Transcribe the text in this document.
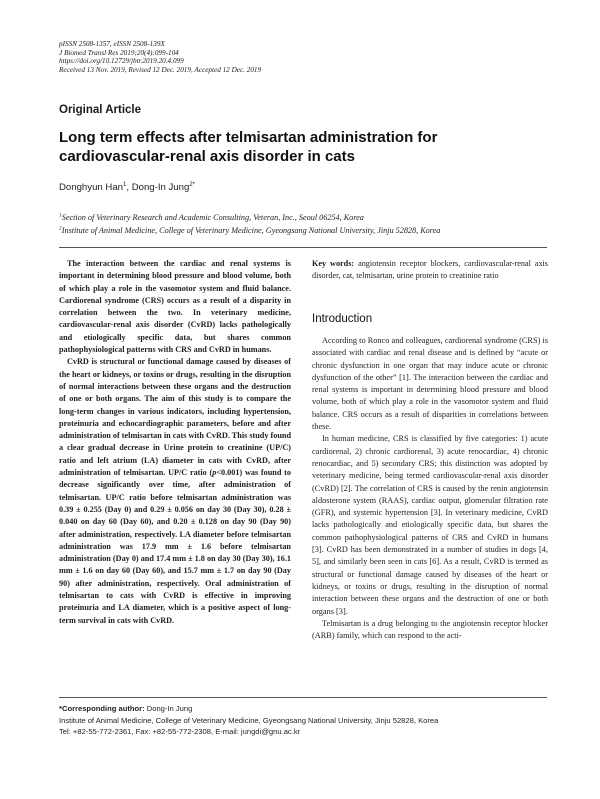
pISSN 2508-1357, eISSN 2508-139X
J Biomed Transl Res 2019;20(4):099-104
https://doi.org/10.12729/jbtr.2019.20.4.099
Received 13 Nov. 2019, Revised 12 Dec. 2019, Accepted 12 Dec. 2019
Original Article
Long term effects after telmisartan administration for cardiovascular-renal axis disorder in cats
Donghyun Han$^1$, Dong-In Jung$^{2*}$
$^1$Section of Veterinary Research and Academic Consulting, Veteran, Inc., Seoul 06254, Korea
$^2$Institute of Animal Medicine, College of Veterinary Medicine, Gyeongsang National University, Jinju 52828, Korea

The interaction between the cardiac and renal systems is important in determining blood pressure and blood volume, both of which play a role in the vasomotor system and fluid balance. Cardiorenal syndrome (CRS) occurs as a result of a disparity in correlation between the two. In veterinary medicine, cardiovascular-renal axis disorder (CvRD) lacks pathologically and etiologically specific data, but shares common pathophysiological patterns with CRS and CvRD in humans.

CvRD is structural or functional damage caused by diseases of the heart or kidneys, or toxins or drugs, resulting in the disruption of normal interactions between these organs and the destruction of one or both organs. The aim of this study is to compare the long-term changes in various indicators, including hypertension, proteinuria and echocardiographic parameters, before and after administration of telmisartan in cats with CvRD. This study found a clear gradual decrease in Urine protein to creatinine (UP/C) ratio and left atrium (LA) diameter in cats with CvRD, after administration of telmisartan. UP/C ratio (p<0.001) was found to decrease significantly over time, after administration of telmisartan. UP/C ratio before telmisartan administration was 0.39 ± 0.255 (Day 0) and 0.29 ± 0.056 on day 30 (Day 30), 0.28 ± 0.040 on day 60 (Day 60), and 0.20 ± 0.128 on day 90 (Day 90) after administration, respectively. LA diameter before telmisartan administration was 17.9 mm ± 1.6 before telmisartan administration (Day 0) and 17.4 mm ± 1.8 on day 30 (Day 30), 16.1 mm ± 1.6 on day 60 (Day 60), and 15.7 mm ± 1.7 on day 90 (Day 90) after administration, respectively. Oral administration of telmisartan to cats with CvRD is effective in improving proteinuria and LA diameter, which is a positive aspect of long-term survival in cats with CvRD.

Key words: angiotensin receptor blockers, cardiovascular-renal axis disorder, cat, telmisartan, urine protein to creatinine ratio
Introduction

According to Ronco and colleagues, cardiorenal syndrome (CRS) is associated with cardiac and renal disease and is defined by “acute or chronic dysfunction in one organ that may induce acute or chronic dysfunction of the other” [1]. The interaction between the cardiac and renal systems is important in determining blood pressure and blood volume, both of which play a role in the vasomotor system and fluid balance. CRS occurs as a result of disparities in correlations between these.

In human medicine, CRS is classified by five categories: 1) acute cardiorenal, 2) chronic cardiorenal, 3) acute renocardiac, 4) chronic renocardiac, and 5) secondary CRS; this distinction was adopted by veterinary medicine, being termed cardiovascular-renal axis disorder (CvRD) [2]. The correlation of CRS is caused by the renin angiotensin aldosterone system (RAAS), cardiac output, glomerular filtration rate (GFR), and systemic hypertension [3]. In veterinary medicine, CvRD lacks pathologically and etiologically specific data, but shares the common pathophysiological patterns of CRS and CvRD in humans [3]. CvRD has been demonstrated in a number of studies in dogs [4, 5], and similarly been seen in cats [6]. As a result, CvRD is termed as structural or functional damage caused by diseases of the heart or kidneys, or toxins or drugs, resulting in the disruption of normal interaction between these organs and the destruction of one or both organs [3].

Telmisartan is a drug belonging to the angiotensin receptor blocker (ARB) family, which can respond to the acti-

*Corresponding author: Dong-In Jung
Institute of Animal Medicine, College of Veterinary Medicine, Gyeongsang National University, Jinju 52828, Korea
Tel: +82-55-772-2361, Fax: +82-55-772-2308, E-mail: jungdi@gnu.ac.kr
